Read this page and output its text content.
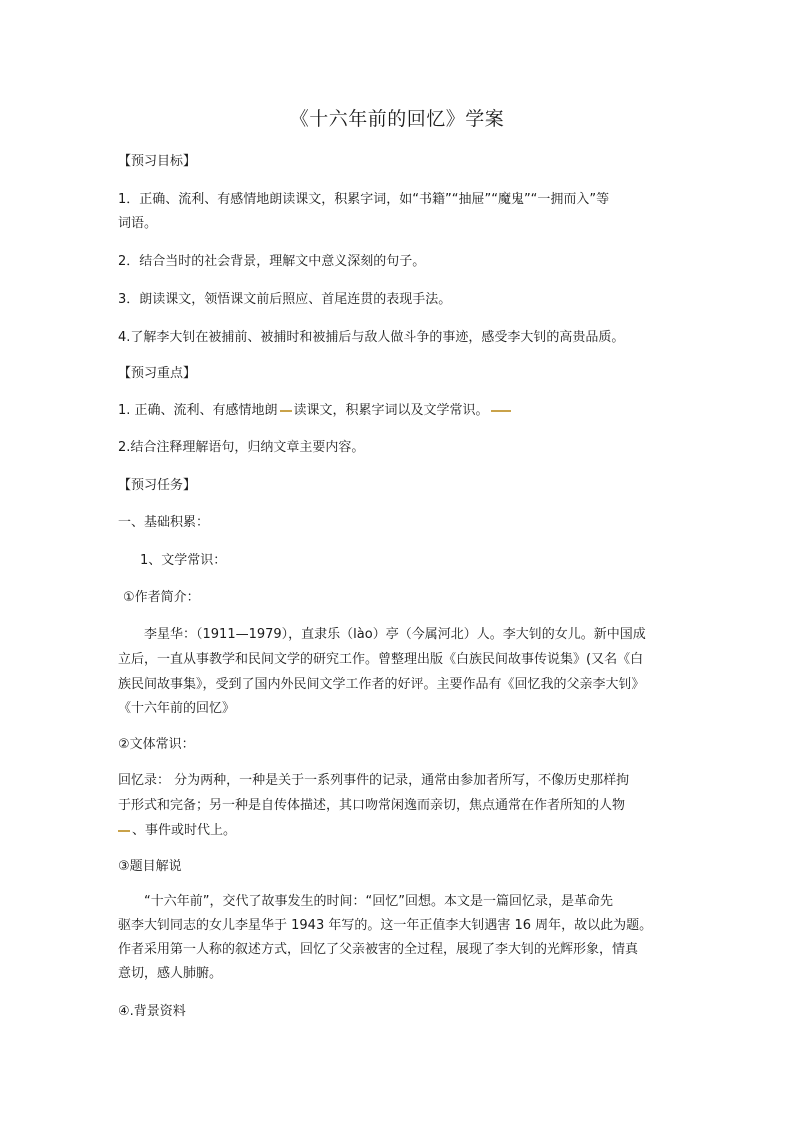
《十六年前的回忆》学案
【预习目标】
1．正确、流利、有感情地朗读课文，积累字词，如“书籍”“抽屉”“魔鬼”“一拥而入”等
词语。
2．结合当时的社会背景，理解文中意义深刻的句子。
3．朗读课文，领悟课文前后照应、首尾连贯的表现手法。
4.了解李大钊在被捕前、被捕时和被捕后与敌人做斗争的事迹，感受李大钊的高贵品质。
【预习重点】
1. 正确、流利、有感情地朗 读课文，积累字词以及文学常识。
2.结合注释理解语句，归纳文章主要内容。
【预习任务】
一、基础积累：
1、文学常识：
①作者简介：
李星华：（1911—1979），直隶乐（lào）亭（今属河北）人。李大钊的女儿。新中国成
立后，一直从事教学和民间文学的研究工作。曾整理出版《白族民间故事传说集》(又名《白
族民间故事集》，受到了国内外民间文学工作者的好评。主要作品有《回忆我的父亲李大钊》
《十六年前的回忆》
②文体常识：
回忆录： 分为两种，一种是关于一系列事件的记录，通常由参加者所写，不像历史那样拘
于形式和完备；另一种是自传体描述，其口吻常闲逸而亲切，焦点通常在作者所知的人物
、事件或时代上。
③题目解说
“十六年前”，交代了故事发生的时间：“回忆”回想。本文是一篇回忆录，是革命先
驱李大钊同志的女儿李星华于 1943 年写的。这一年正值李大钊遇害 16 周年，故以此为题。
作者采用第一人称的叙述方式，回忆了父亲被害的全过程，展现了李大钊的光辉形象，情真
意切，感人肺腑。
④.背景资料
